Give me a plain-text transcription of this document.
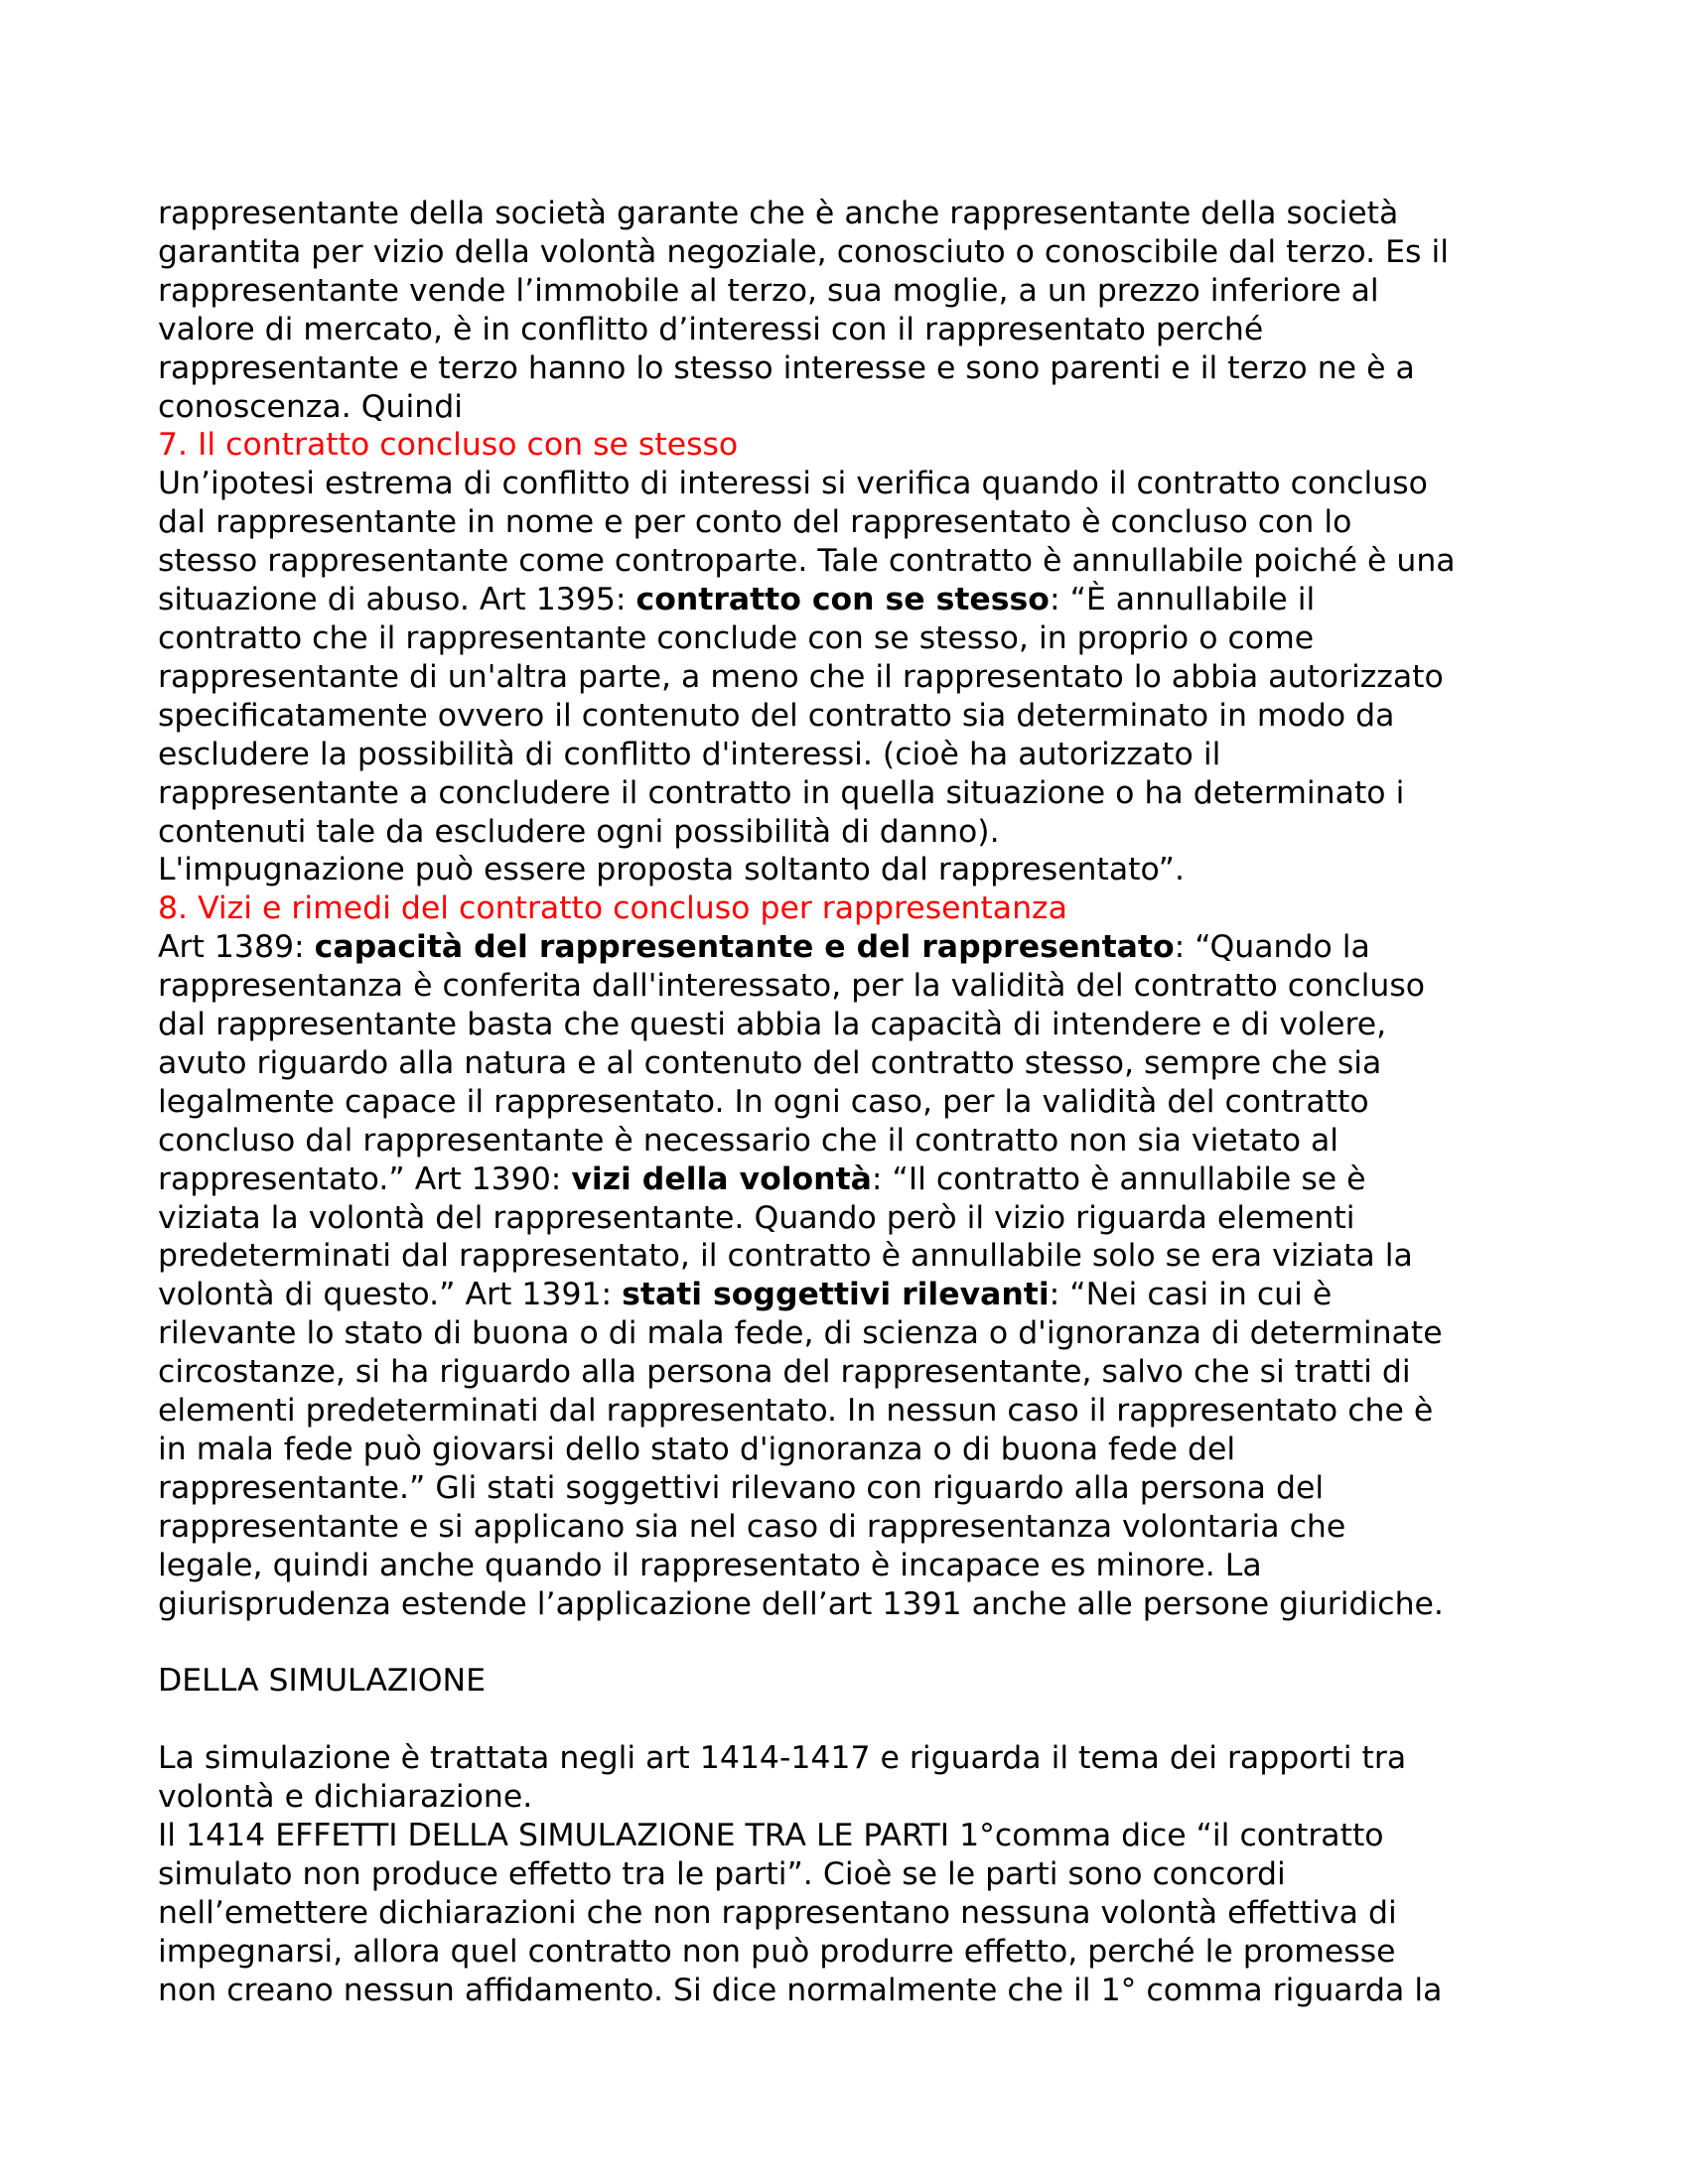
rappresentante della società garante che è anche rappresentante della società

garantita per vizio della volontà negoziale, conosciuto o conoscibile dal terzo. Es il

rappresentante vende l’immobile al terzo, sua moglie, a un prezzo inferiore al

valore di mercato, è in conflitto d’interessi con il rappresentato perché

rappresentante e terzo hanno lo stesso interesse e sono parenti e il terzo ne è a

conoscenza. Quindi

7. Il contratto concluso con se stesso

Un’ipotesi estrema di conflitto di interessi si verifica quando il contratto concluso

dal rappresentante in nome e per conto del rappresentato è concluso con lo

stesso rappresentante come controparte. Tale contratto è annullabile poiché è una

situazione di abuso. Art 1395: contratto con se stesso: “È annullabile il

contratto che il rappresentante conclude con se stesso, in proprio o come

rappresentante di un'altra parte, a meno che il rappresentato lo abbia autorizzato

specificatamente ovvero il contenuto del contratto sia determinato in modo da

escludere la possibilità di conflitto d'interessi. (cioè ha autorizzato il

rappresentante a concludere il contratto in quella situazione o ha determinato i

contenuti tale da escludere ogni possibilità di danno).

L'impugnazione può essere proposta soltanto dal rappresentato”.

8. Vizi e rimedi del contratto concluso per rappresentanza

Art 1389: capacità del rappresentante e del rappresentato: “Quando la

rappresentanza è conferita dall'interessato, per la validità del contratto concluso

dal rappresentante basta che questi abbia la capacità di intendere e di volere,

avuto riguardo alla natura e al contenuto del contratto stesso, sempre che sia

legalmente capace il rappresentato. In ogni caso, per la validità del contratto

concluso dal rappresentante è necessario che il contratto non sia vietato al

rappresentato.” Art 1390: vizi della volontà: “Il contratto è annullabile se è

viziata la volontà del rappresentante. Quando però il vizio riguarda elementi

predeterminati dal rappresentato, il contratto è annullabile solo se era viziata la

volontà di questo.” Art 1391: stati soggettivi rilevanti: “Nei casi in cui è

rilevante lo stato di buona o di mala fede, di scienza o d'ignoranza di determinate

circostanze, si ha riguardo alla persona del rappresentante, salvo che si tratti di

elementi predeterminati dal rappresentato. In nessun caso il rappresentato che è

in mala fede può giovarsi dello stato d'ignoranza o di buona fede del

rappresentante.” Gli stati soggettivi rilevano con riguardo alla persona del

rappresentante e si applicano sia nel caso di rappresentanza volontaria che

legale, quindi anche quando il rappresentato è incapace es minore. La

giurisprudenza estende l’applicazione dell’art 1391 anche alle persone giuridiche.

DELLA SIMULAZIONE

La simulazione è trattata negli art 1414-1417 e riguarda il tema dei rapporti tra

volontà e dichiarazione.

Il 1414 EFFETTI DELLA SIMULAZIONE TRA LE PARTI 1°comma dice “il contratto

simulato non produce effetto tra le parti”. Cioè se le parti sono concordi

nell’emettere dichiarazioni che non rappresentano nessuna volontà effettiva di

impegnarsi, allora quel contratto non può produrre effetto, perché le promesse

non creano nessun affidamento. Si dice normalmente che il 1° comma riguarda la
